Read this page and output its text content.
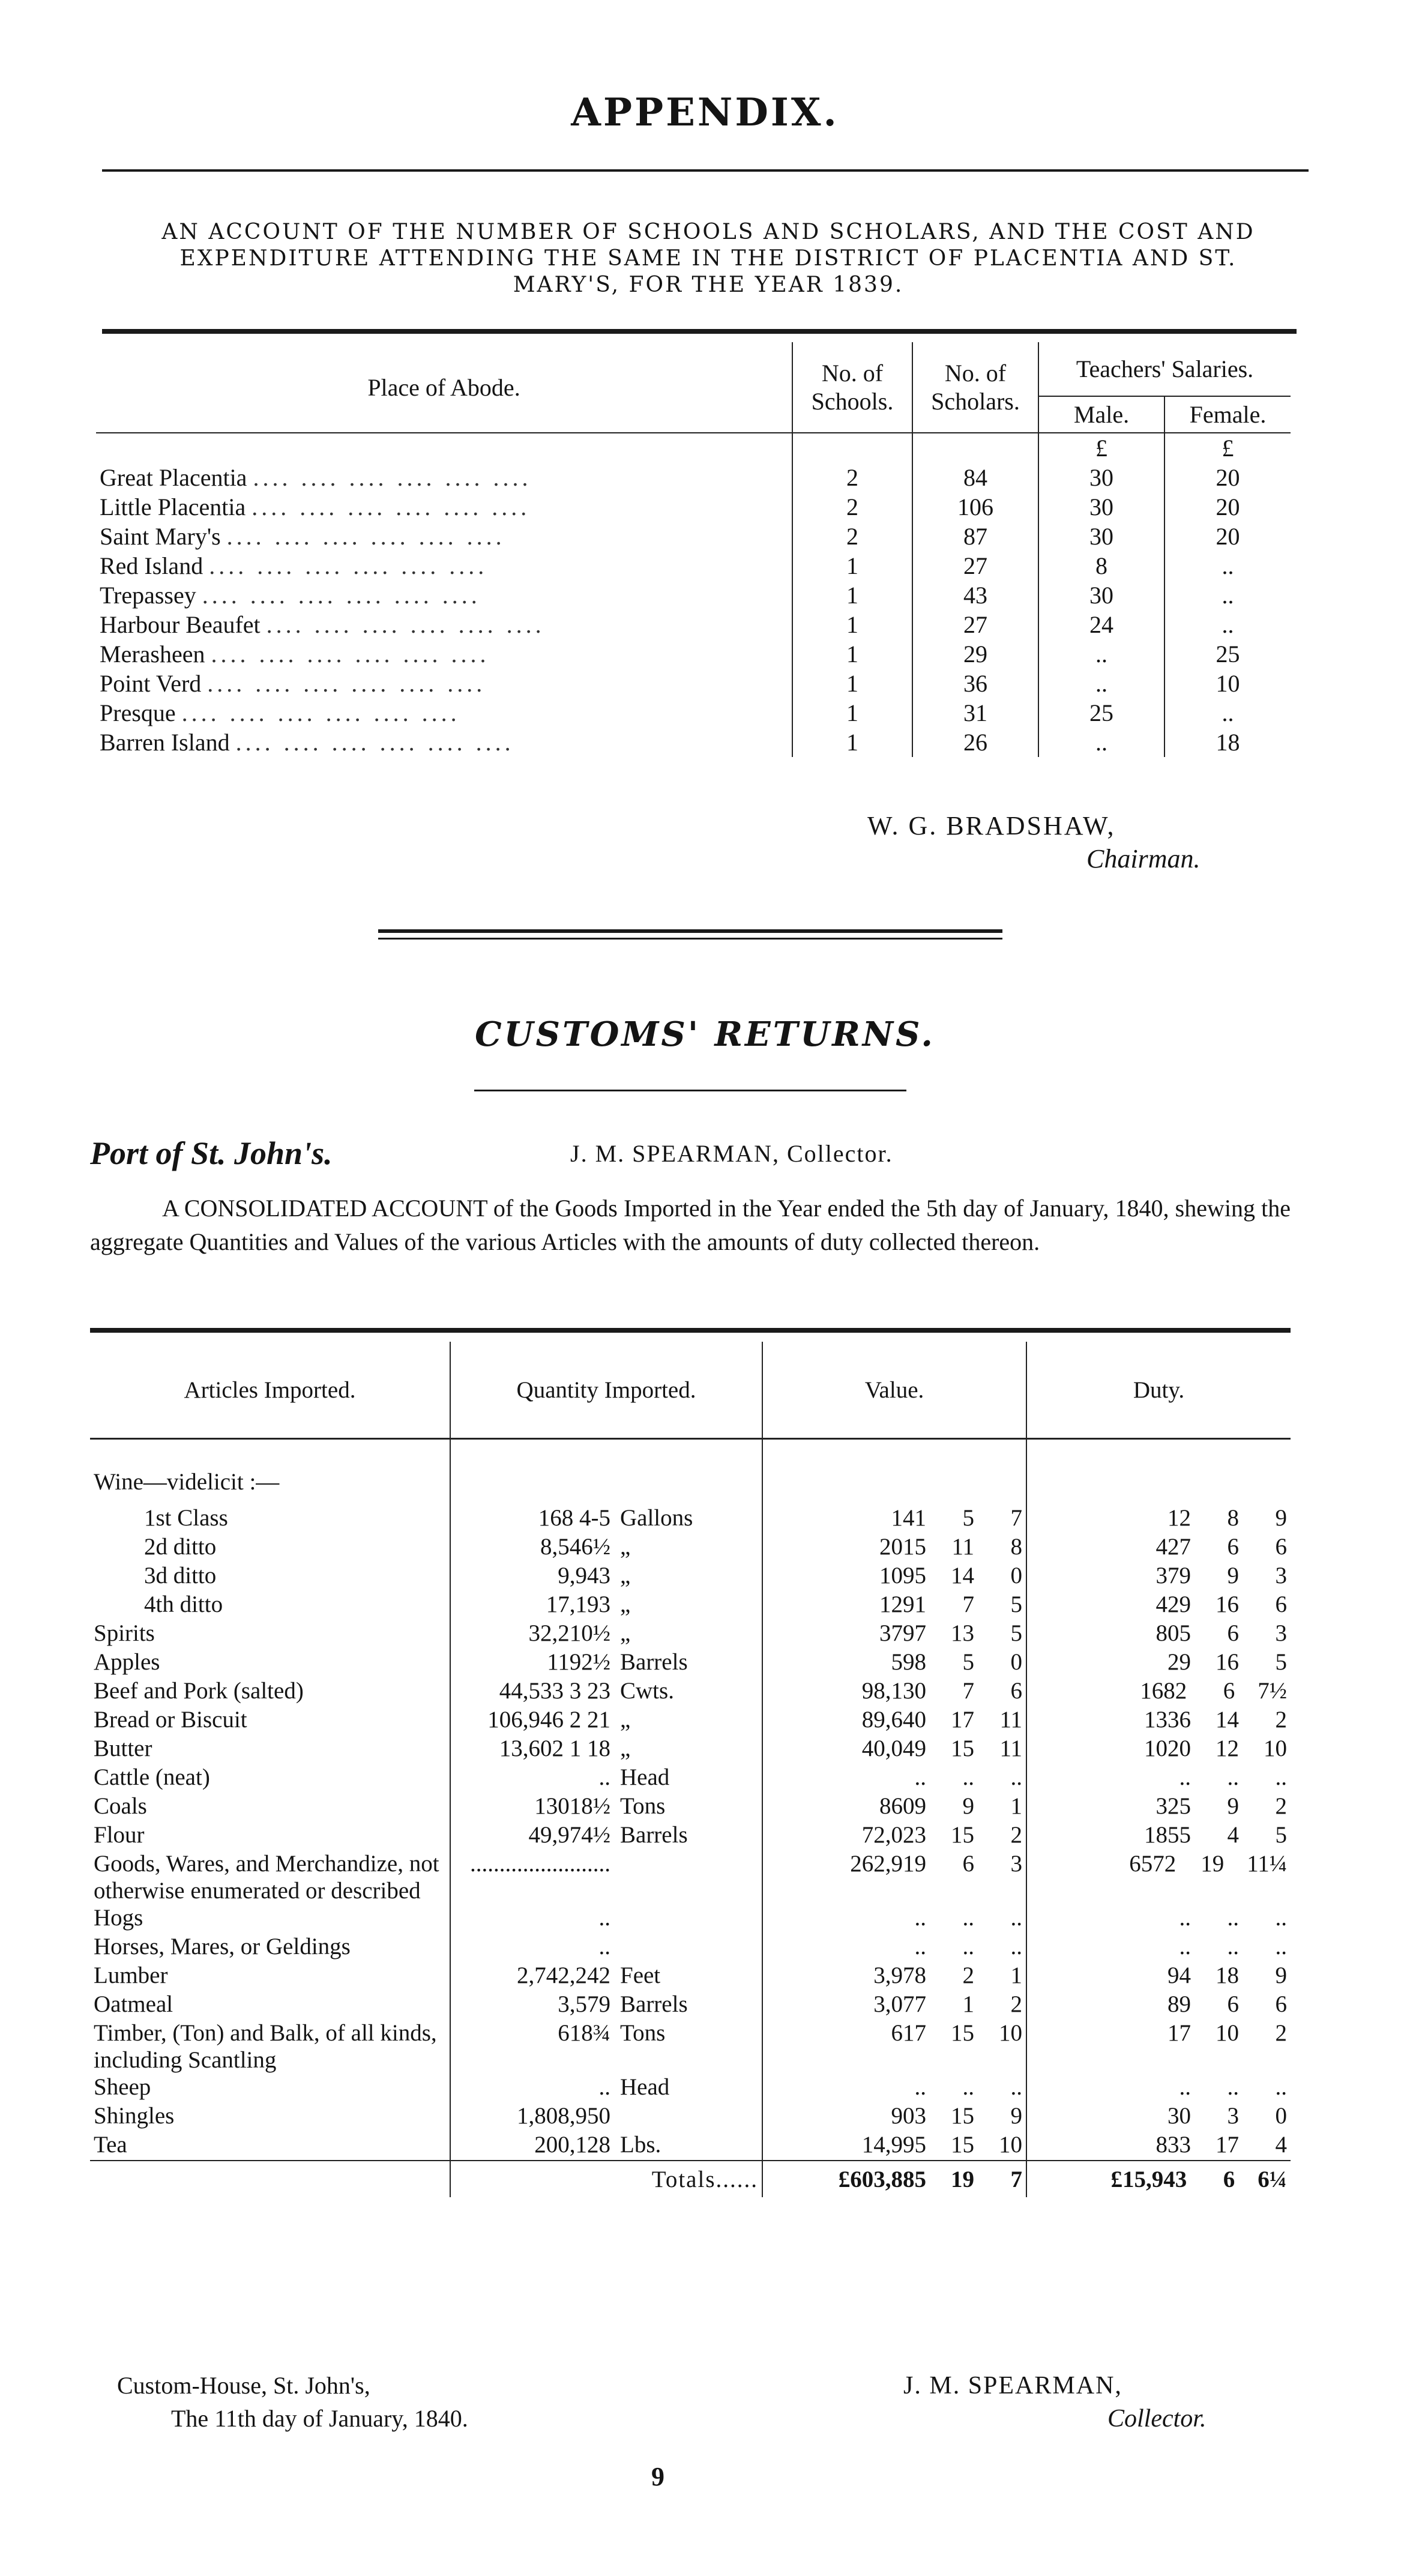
APPENDIX.
AN ACCOUNT OF THE NUMBER OF SCHOOLS AND SCHOLARS, AND THE COST AND EXPENDITURE ATTENDING THE SAME IN THE DISTRICT OF PLACENTIA AND ST. MARY'S, FOR THE YEAR 1839.
Place of Abode.	No. of Schools.	No. of Scholars.	Teachers' Salaries.	
			Male.	Female.
			£	£
Great Placentia .... .... .... .... .... ....	2	84	30	20
Little Placentia .... .... .... .... .... ....	2	106	30	20
Saint Mary's .... .... .... .... .... ....	2	87	30	20
Red Island .... .... .... .... .... ....	1	27	8	..
Trepassey .... .... .... .... .... ....	1	43	30	..
Harbour Beaufet .... .... .... .... .... ....	1	27	24	..
Merasheen .... .... .... .... .... ....	1	29	..	25
Point Verd .... .... .... .... .... ....	1	36	..	10
Presque .... .... .... .... .... ....	1	31	25	..
Barren Island .... .... .... .... .... ....	1	26	..	18
W. G. BRADSHAW,
Chairman.
CUSTOMS' RETURNS.
Port of St. John's.	J. M. SPEARMAN, Collector.
A CONSOLIDATED ACCOUNT of the Goods Imported in the Year ended the 5th day of January, 1840, shewing the aggregate Quantities and Values of the various Articles with the amounts of duty collected thereon.
Articles Imported.	Quantity Imported.	Value.	Duty.

Wine—videlicit :—			
1st Class	168 4-5 Gallons	141 5 7	12 8 9

2d ditto	8,546½ „	2015 11 8	427 6 6

3d ditto	9,943 „	1095 14 0	379 9 3

4th ditto	17,193 „	1291 7 5	429 16 6

Spirits	32,210½ „	3797 13 5	805 6 3

Apples	1192½ Barrels	598 5 0	29 16 5

Beef and Pork (salted)	44,533 3 23 Cwts.	98,130 7 6	1682 6 7½

Bread or Biscuit	106,946 2 21 „	89,640 17 11	1336 14 2

Butter	13,602 1 18 „	40,049 15 11	1020 12 10

Cattle (neat)	.. Head	.. .. ..	.. .. ..

Coals	13018½ Tons	8609 9 1	325 9 2

Flour	49,974½ Barrels	72,023 15 2	1855 4 5

Goods, Wares, and Merchandize, not otherwise enumerated or described	........................	262,919 6 3	6572 19 11¼

Hogs	..	.. .. ..	.. .. ..

Horses, Mares, or Geldings	..	.. .. ..	.. .. ..

Lumber	2,742,242 Feet	3,978 2 1	94 18 9

Oatmeal	3,579 Barrels	3,077 1 2	89 6 6

Timber, (Ton) and Balk, of all kinds, including Scantling	618¾ Tons	617 15 10	17 10 2

Sheep	.. Head	.. .. ..	.. .. ..

Shingles	1,808,950	903 15 9	30 3 0

Tea	200,128 Lbs.	14,995 15 10	833 17 4

	Totals......	£603,885 19 7	£15,943 6 6¼
Custom-House, St. John's,
The 11th day of January, 1840.
J. M. SPEARMAN,
Collector.
9
